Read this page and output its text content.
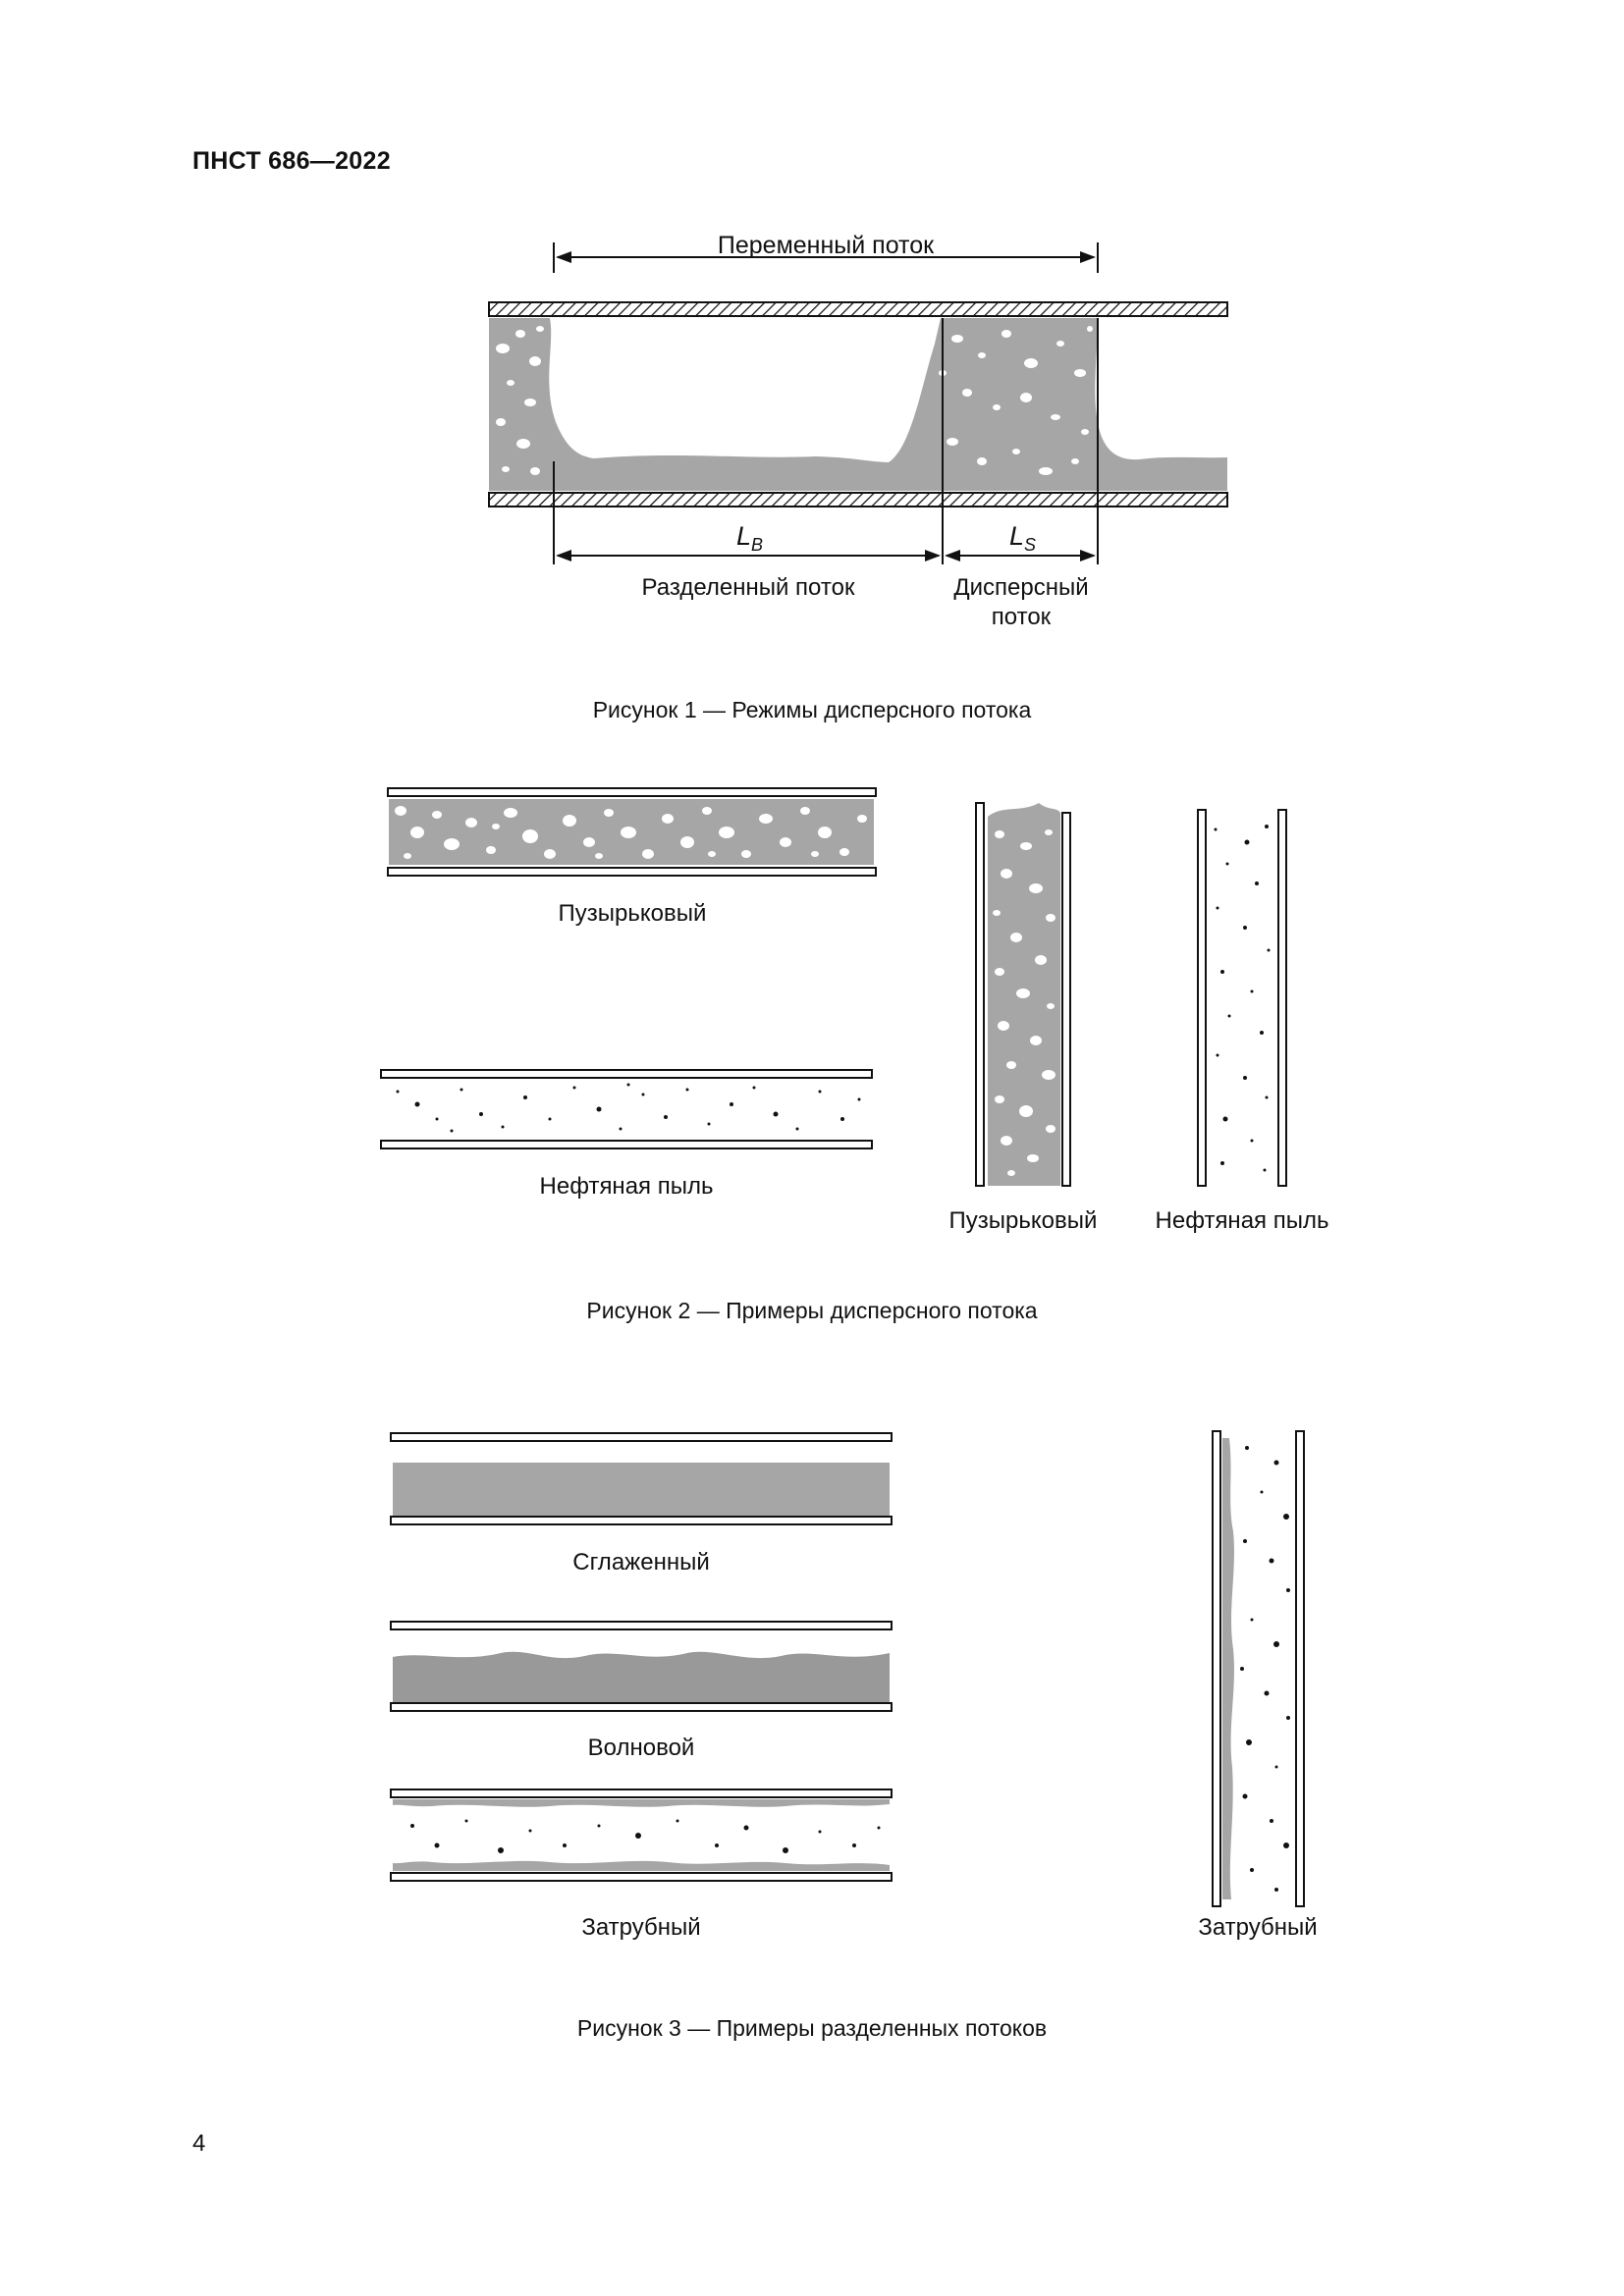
ПНСТ 686—2022
Переменный поток
$L_B$	$L_S$
Разделенный поток	Дисперсный
поток
Рисунок 1 — Режимы дисперсного потока
Пузырьковый
Нефтяная пыль
Пузырьковый	Нефтяная пыль
Рисунок 2 — Примеры дисперсного потока
Сглаженный
Волновой
Затрубный	Затрубный
Рисунок 3 — Примеры разделенных потоков
4
